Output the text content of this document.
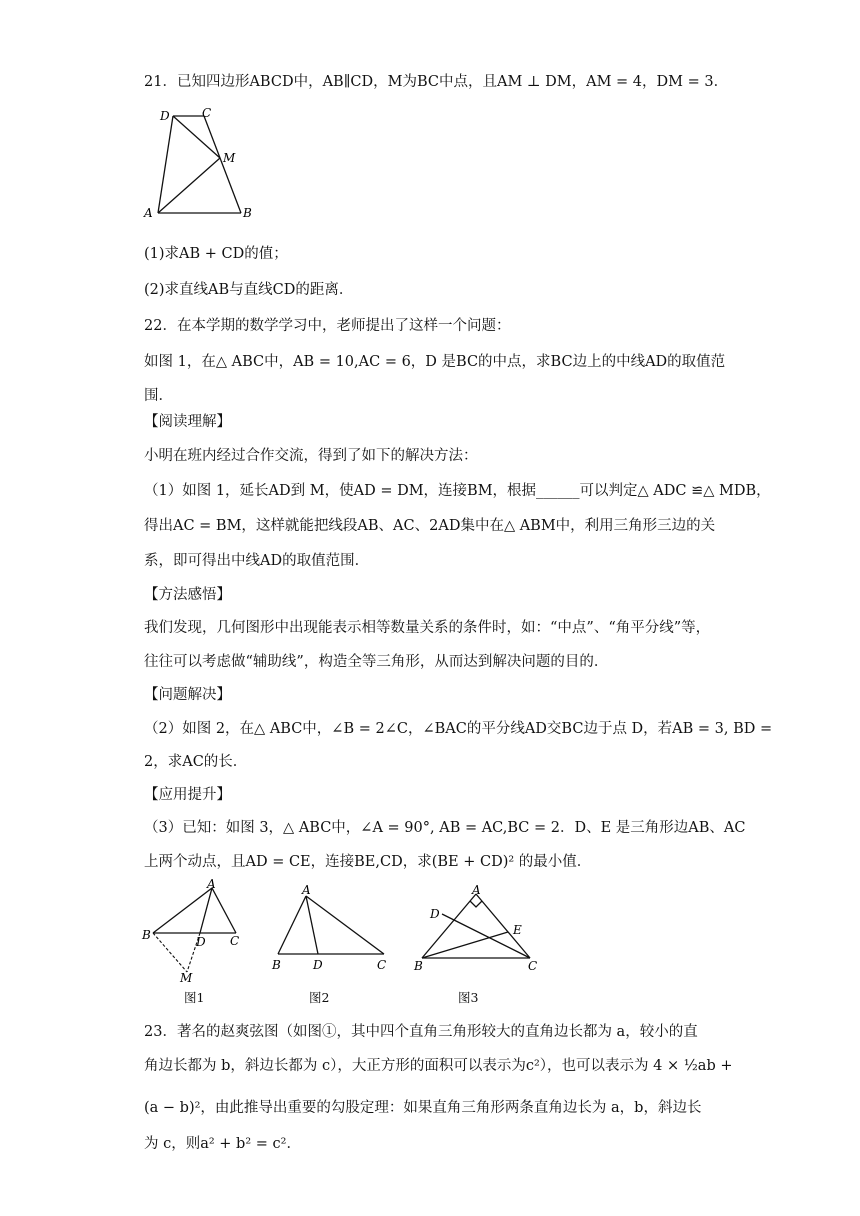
21．已知四边形ABCD中，AB∥CD，M为BC中点，且AM ⊥ DM，AM = 4，DM = 3．
D	C
M
A	B
(1)求AB + CD的值；
(2)求直线AB与直线CD的距离．
22．在本学期的数学学习中，老师提出了这样一个问题：
如图 1，在△ ABC中，AB = 10,AC = 6，D 是BC的中点，求BC边上的中线AD的取值范
围．
【阅读理解】
小明在班内经过合作交流，得到了如下的解决方法：
（1）如图 1，延长AD到 M，使AD = DM，连接BM，根据______可以判定△ ADC ≌△ MDB，
得出AC = BM，这样就能把线段AB、AC、2AD集中在△ ABM中，利用三角形三边的关
系，即可得出中线AD的取值范围．
【方法感悟】
我们发现，几何图形中出现能表示相等数量关系的条件时，如：“中点”、“角平分线”等，
往往可以考虑做“辅助线”，构造全等三角形，从而达到解决问题的目的．
【问题解决】
（2）如图 2，在△ ABC中，∠B = 2∠C，∠BAC的平分线AD交BC边于点 D，若AB = 3, BD =
2，求AC的长．
【应用提升】
（3）已知：如图 3，△ ABC中，∠A = 90°, AB = AC,BC = 2．D、E 是三角形边AB、AC
上两个动点，且AD = CE，连接BE,CD，求(BE + CD)² 的最小值．
A
B	D C
M
图1
A
B	D	C
图2
A
D
E
B	C
图3
23．著名的赵爽弦图（如图①，其中四个直角三角形较大的直角边长都为 a，较小的直
角边长都为 b，斜边长都为 c），大正方形的面积可以表示为c²），也可以表示为 4 × ½ab +
(a − b)²，由此推导出重要的勾股定理：如果直角三角形两条直角边长为 a，b，斜边长
为 c，则a² + b² = c²．
